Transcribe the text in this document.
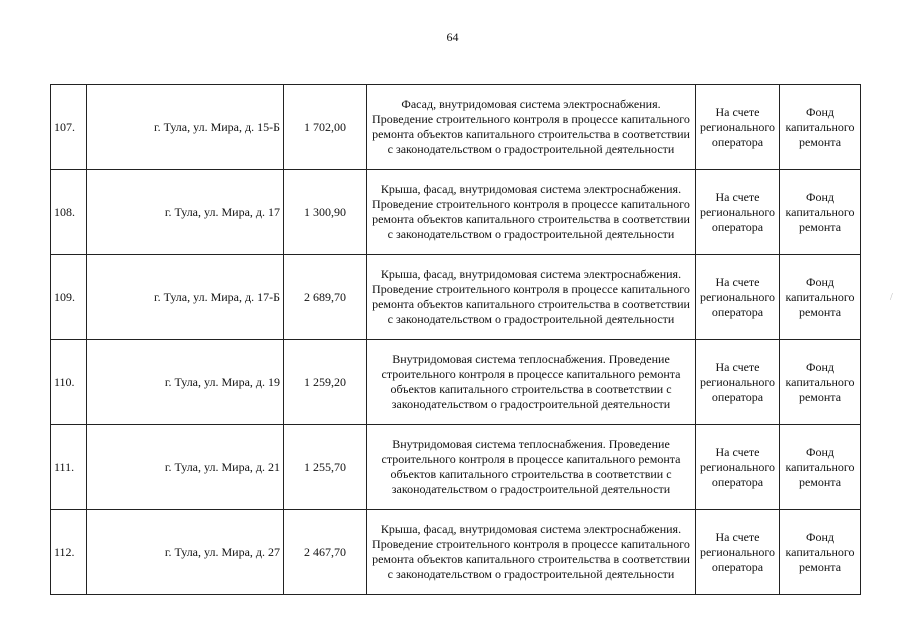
64
107.	г. Тула, ул. Мира, д. 15-Б	1 702,00	Фасад, внутридомовая система электроснабжения. Проведение строительного контроля в процессе капитального ремонта объектов капитального строительства в соответствии с законодательством о градостроительной деятельности	На счете регионального оператора	Фонд капитального ремонта
108.	г. Тула, ул. Мира, д. 17	1 300,90	Крыша, фасад, внутридомовая система электроснабжения. Проведение строительного контроля в процессе капитального ремонта объектов капитального строительства в соответствии с законодательством о градостроительной деятельности	На счете регионального оператора	Фонд капитального ремонта
109.	г. Тула, ул. Мира, д. 17-Б	2 689,70	Крыша, фасад, внутридомовая система электроснабжения. Проведение строительного контроля в процессе капитального ремонта объектов капитального строительства в соответствии с законодательством о градостроительной деятельности	На счете регионального оператора	Фонд капитального ремонта
110.	г. Тула, ул. Мира, д. 19	1 259,20	Внутридомовая система теплоснабжения. Проведение строительного контроля в процессе капитального ремонта объектов капитального строительства в соответствии с законодательством о градостроительной деятельности	На счете регионального оператора	Фонд капитального ремонта
111.	г. Тула, ул. Мира, д. 21	1 255,70	Внутридомовая система теплоснабжения. Проведение строительного контроля в процессе капитального ремонта объектов капитального строительства в соответствии с законодательством о градостроительной деятельности	На счете регионального оператора	Фонд капитального ремонта
112.	г. Тула, ул. Мира, д. 27	2 467,70	Крыша, фасад, внутридомовая система электроснабжения. Проведение строительного контроля в процессе капитального ремонта объектов капитального строительства в соответствии с законодательством о градостроительной деятельности	На счете регионального оператора	Фонд капитального ремонта
/
